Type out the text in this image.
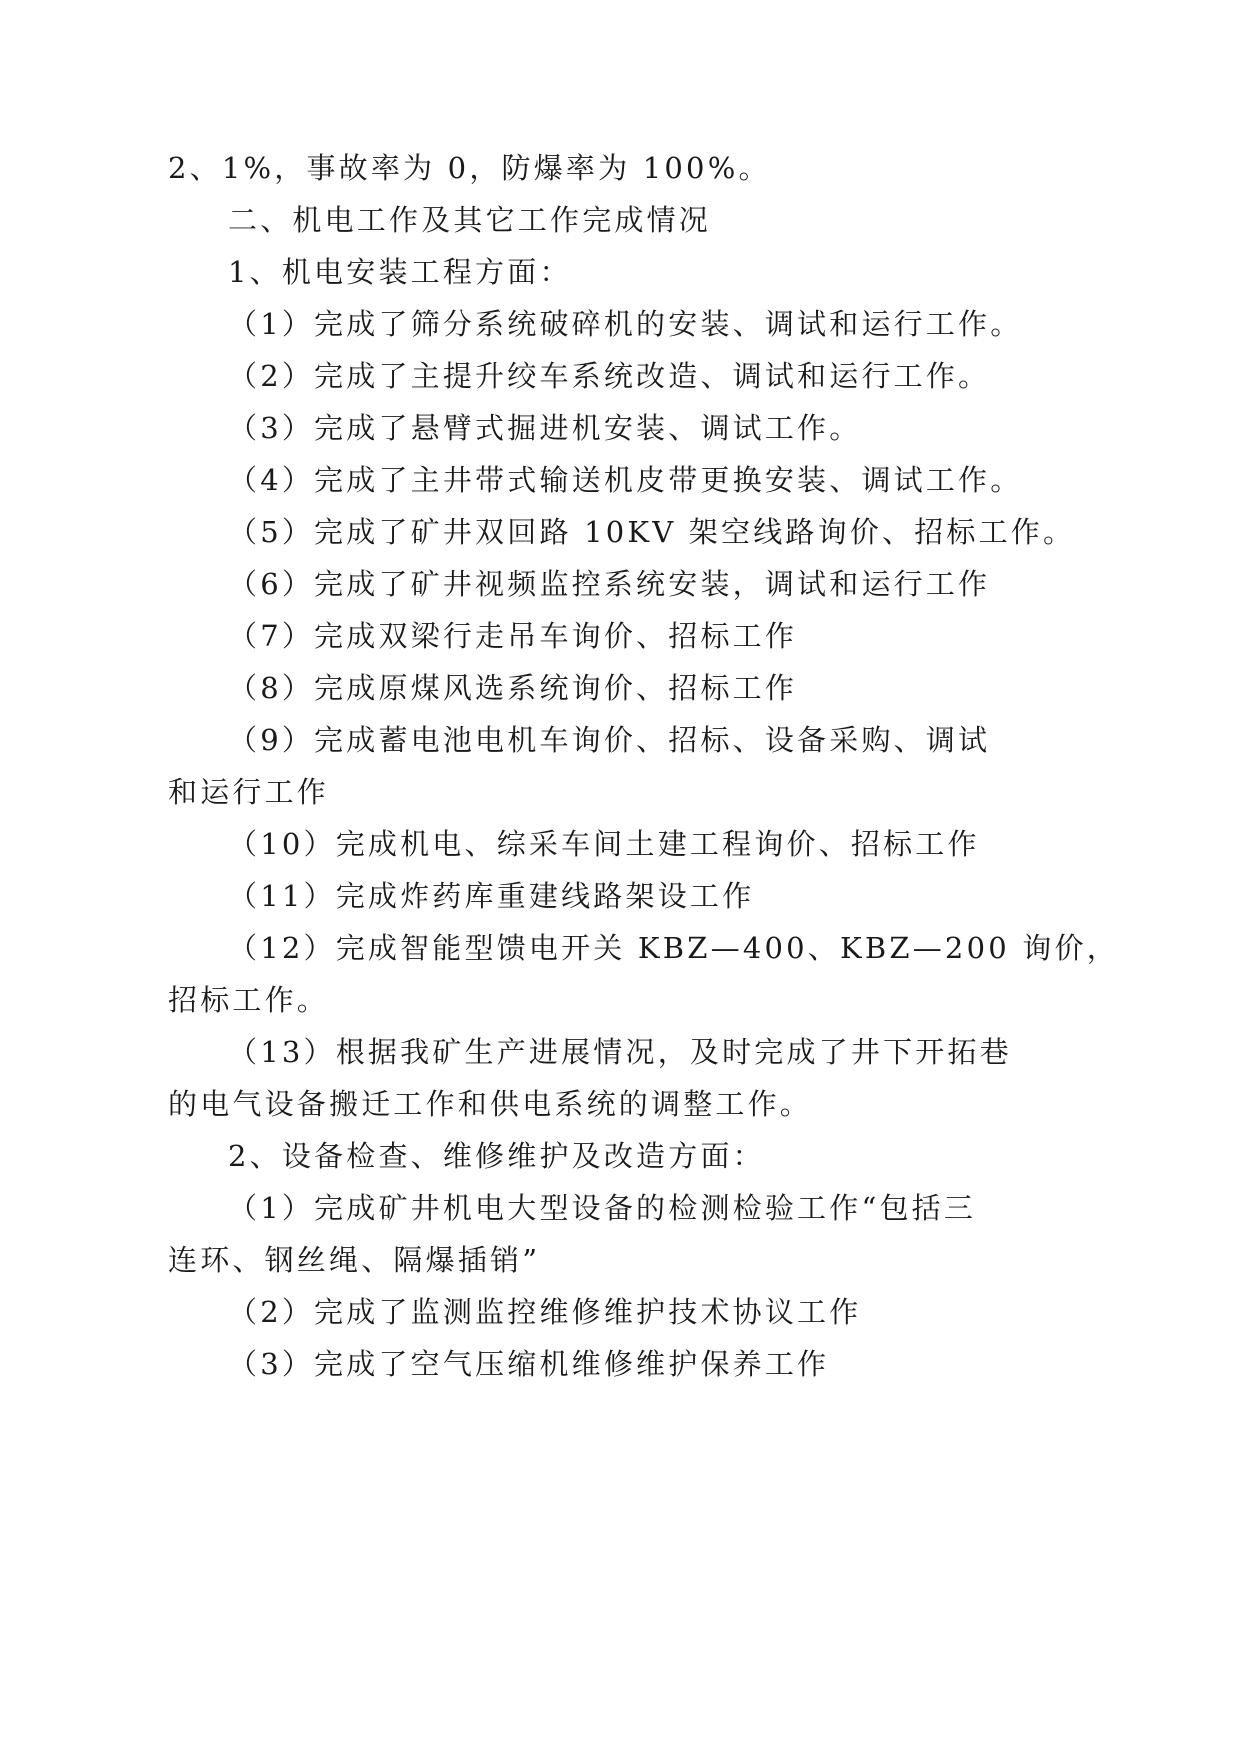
2、1%，事故率为 0，防爆率为 100%。

二、机电工作及其它工作完成情况

1、机电安装工程方面：

（1）完成了筛分系统破碎机的安装、调试和运行工作。

（2）完成了主提升绞车系统改造、调试和运行工作。

（3）完成了悬臂式掘进机安装、调试工作。

（4）完成了主井带式输送机皮带更换安装、调试工作。

（5）完成了矿井双回路 10KV 架空线路询价、招标工作。

（6）完成了矿井视频监控系统安装，调试和运行工作

（7）完成双梁行走吊车询价、招标工作

（8）完成原煤风选系统询价、招标工作

（9）完成蓄电池电机车询价、招标、设备采购、调试

和运行工作

（10）完成机电、综采车间土建工程询价、招标工作

（11）完成炸药库重建线路架设工作

（12）完成智能型馈电开关 KBZ—400、KBZ—200 询价，

招标工作。

（13）根据我矿生产进展情况，及时完成了井下开拓巷

的电气设备搬迁工作和供电系统的调整工作。

2、设备检查、维修维护及改造方面：

（1）完成矿井机电大型设备的检测检验工作“包括三

连环、钢丝绳、隔爆插销”

（2）完成了监测监控维修维护技术协议工作

（3）完成了空气压缩机维修维护保养工作
